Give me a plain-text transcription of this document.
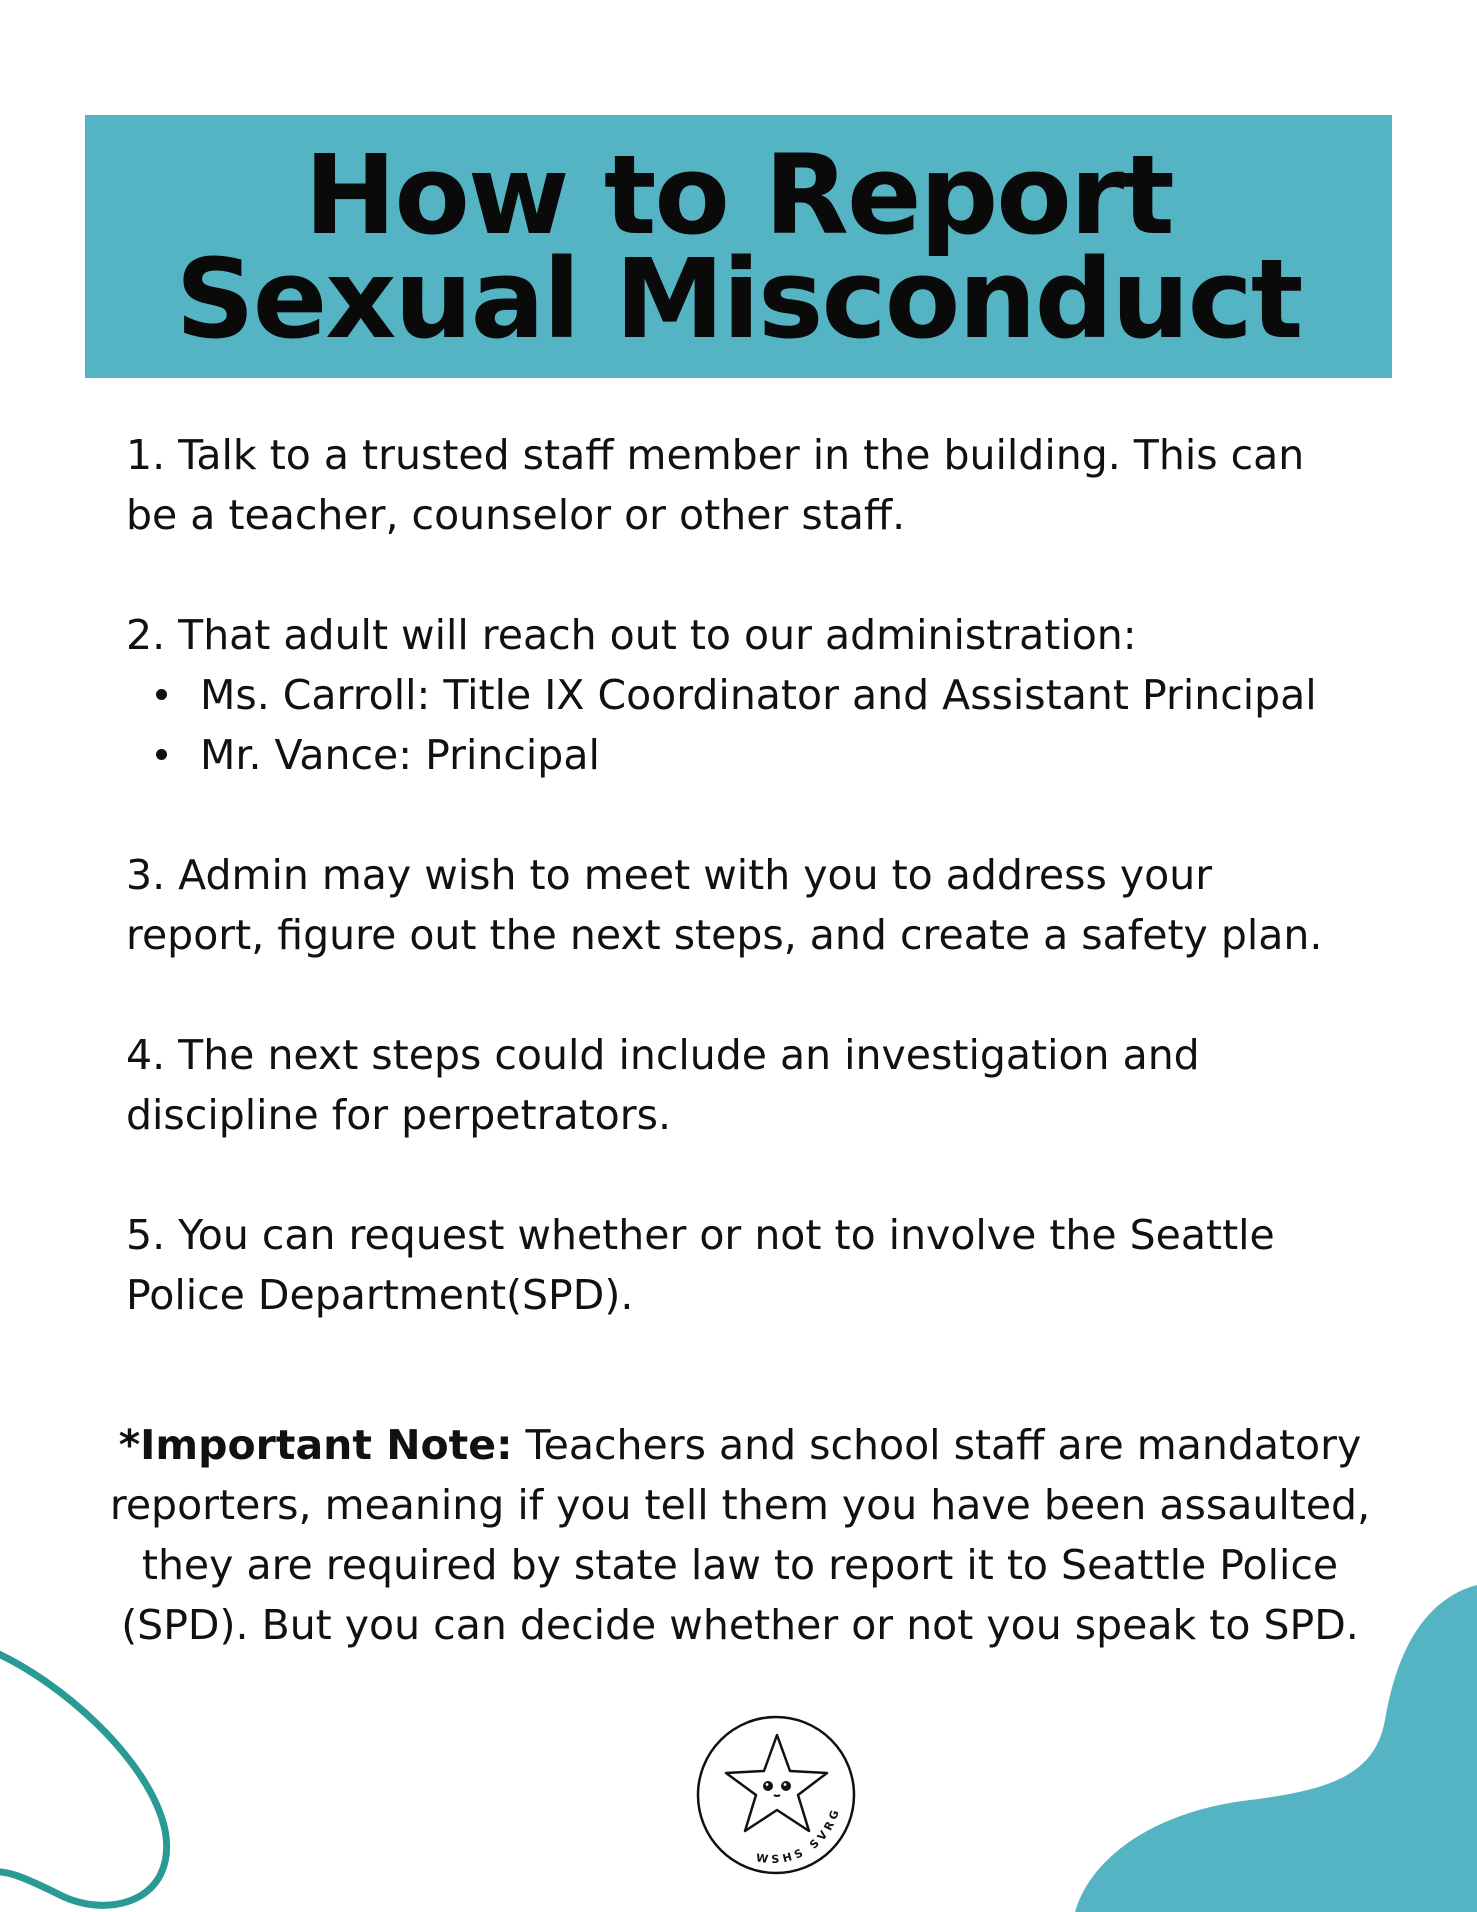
How to Report
Sexual Misconduct

1. Talk to a trusted staff member in the building. This can

be a teacher, counselor or other staff.

2. That adult will reach out to our administration:

Ms. Carroll: Title IX Coordinator and Assistant Principal
Mr. Vance: Principal

3. Admin may wish to meet with you to address your

report, figure out the next steps, and create a safety plan.

4. The next steps could include an investigation and

discipline for perpetrators.

5. You can request whether or not to involve the Seattle

Police Department(SPD).

*Important Note: Teachers and school staff are mandatory
reporters, meaning if you tell them you have been assaulted,
they are required by state law to report it to Seattle Police
(SPD). But you can decide whether or not you speak to SPD.
WSHS SVRG
